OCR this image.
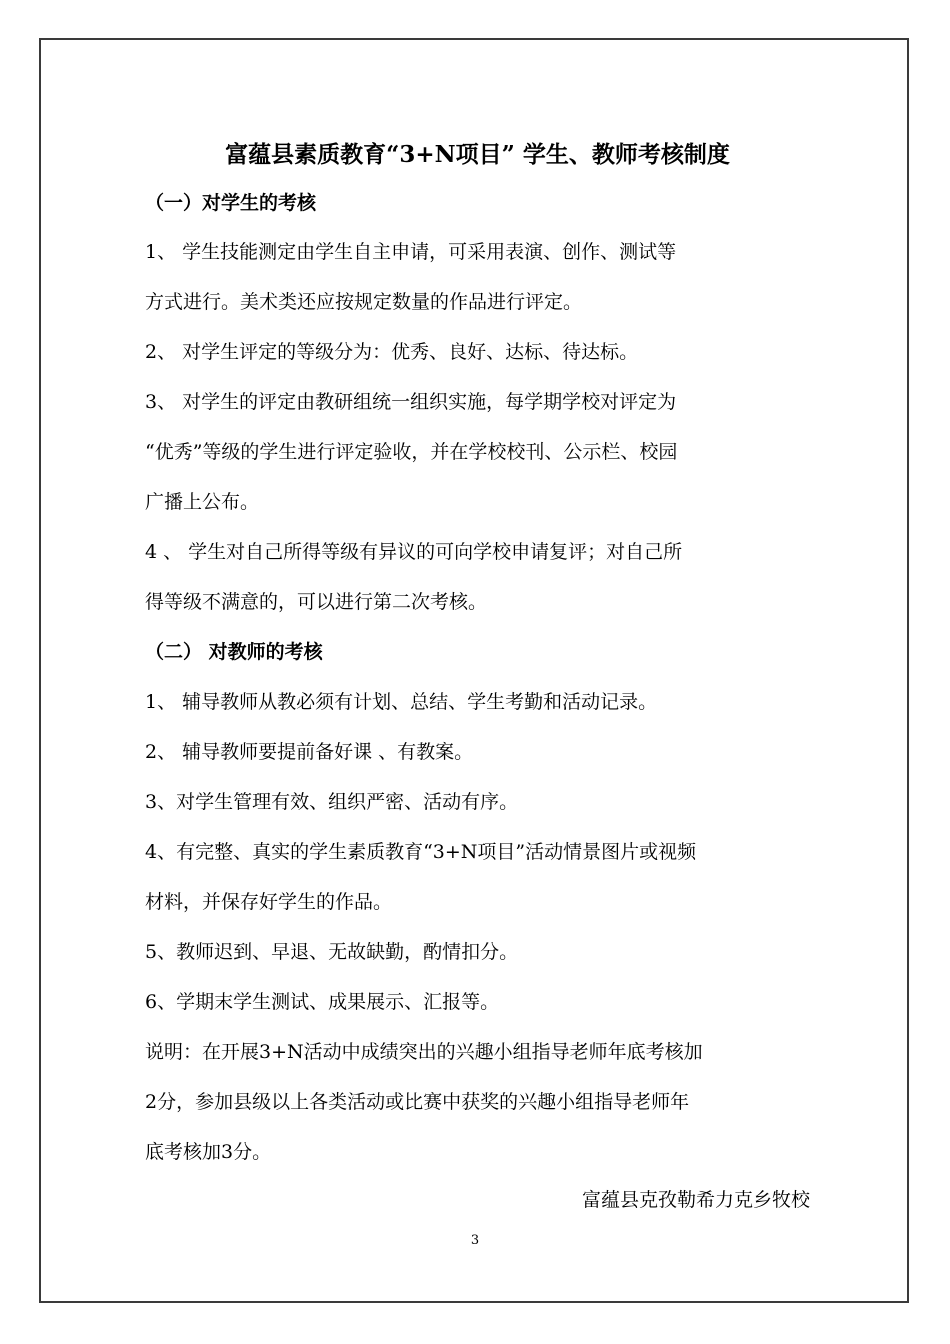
富蕴县素质教育“3+N项目” 学生、教师考核制度
（一）对学生的考核
1、 学生技能测定由学生自主申请，可采用表演、创作、测试等
方式进行。美术类还应按规定数量的作品进行评定。
2、 对学生评定的等级分为：优秀、良好、达标、待达标。
3、 对学生的评定由教研组统一组织实施，每学期学校对评定为
“优秀”等级的学生进行评定验收，并在学校校刊、公示栏、校园
广播上公布。
4 、 学生对自己所得等级有异议的可向学校申请复评；对自己所
得等级不满意的，可以进行第二次考核。
（二） 对教师的考核
1、 辅导教师从教必须有计划、总结、学生考勤和活动记录。
2、 辅导教师要提前备好课 、有教案。
3、对学生管理有效、组织严密、活动有序。
4、有完整、真实的学生素质教育“3+N项目”活动情景图片或视频
材料，并保存好学生的作品。
5、教师迟到、早退、无故缺勤，酌情扣分。
6、学期末学生测试、成果展示、汇报等。
说明：在开展3+N活动中成绩突出的兴趣小组指导老师年底考核加
2分，参加县级以上各类活动或比赛中获奖的兴趣小组指导老师年
底考核加3分。
富蕴县克孜勒希力克乡牧校
3
